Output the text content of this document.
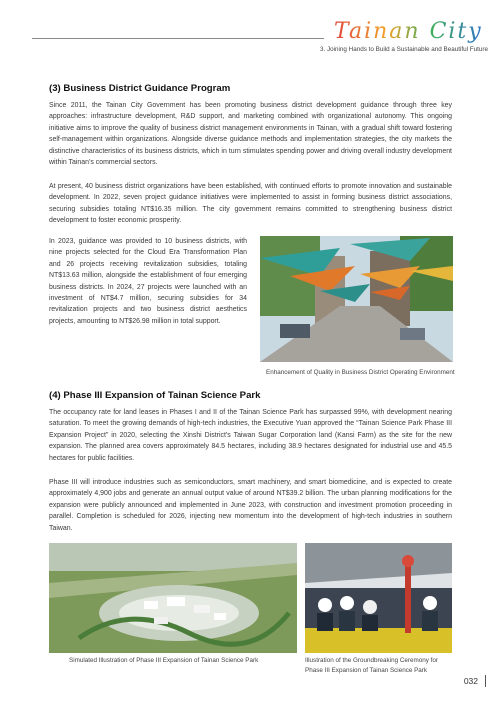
Tainan City
3. Joining Hands to Build a Sustainable and Beautiful Future
(3) Business District Guidance Program

Since 2011, the Tainan City Government has been promoting business district development guidance through three key approaches: infrastructure development, R&D support, and marketing combined with organizational autonomy. This ongoing initiative aims to improve the quality of business district management environments in Tainan, with a gradual shift toward fostering self-management within organizations. Alongside diverse guidance methods and implementation strategies, the city markets the distinctive characteristics of its business districts, which in turn stimulates spending power and driving overall industry development within Tainan’s commercial sectors.

At present, 40 business district organizations have been established, with continued efforts to promote innovation and sustainable development. In 2022, seven project guidance initiatives were implemented to assist in forming business district associations, securing subsidies totaling NT$16.35 million. The city government remains committed to strengthening business district development to foster economic prosperity.

In 2023, guidance was provided to 10 business districts, with nine projects selected for the Cloud Era Transformation Plan and 26 projects receiving revitalization subsidies, totaling NT$13.63 million, alongside the establishment of four emerging business districts. In 2024, 27 projects were launched with an investment of NT$4.7 million, securing subsidies for 34 revitalization projects and two business district aesthetics projects, amounting to NT$26.98 million in total support.

Enhancement of Quality in Business District Operating Environment
(4) Phase III Expansion of Tainan Science Park

The occupancy rate for land leases in Phases I and II of the Tainan Science Park has surpassed 99%, with development nearing saturation. To meet the growing demands of high-tech industries, the Executive Yuan approved the “Tainan Science Park Phase III Expansion Project” in 2020, selecting the Xinshi District’s Taiwan Sugar Corporation land (Kansi Farm) as the site for the new expansion. The planned area covers approximately 84.5 hectares, including 38.9 hectares designated for industrial use and 45.5 hectares for public facilities.

Phase III will introduce industries such as semiconductors, smart machinery, and smart biomedicine, and is expected to create approximately 4,900 jobs and generate an annual output value of around NT$39.2 billion. The urban planning modifications for the expansion were publicly announced and implemented in June 2023, with construction and investment promotion proceeding in parallel. Completion is scheduled for 2026, injecting new momentum into the development of high-tech industries in southern Taiwan.

Simulated Illustration of Phase III Expansion of Tainan Science Park	Illustration of the Groundbreaking Ceremony for
Phase III Expansion of Tainan Science Park
032
